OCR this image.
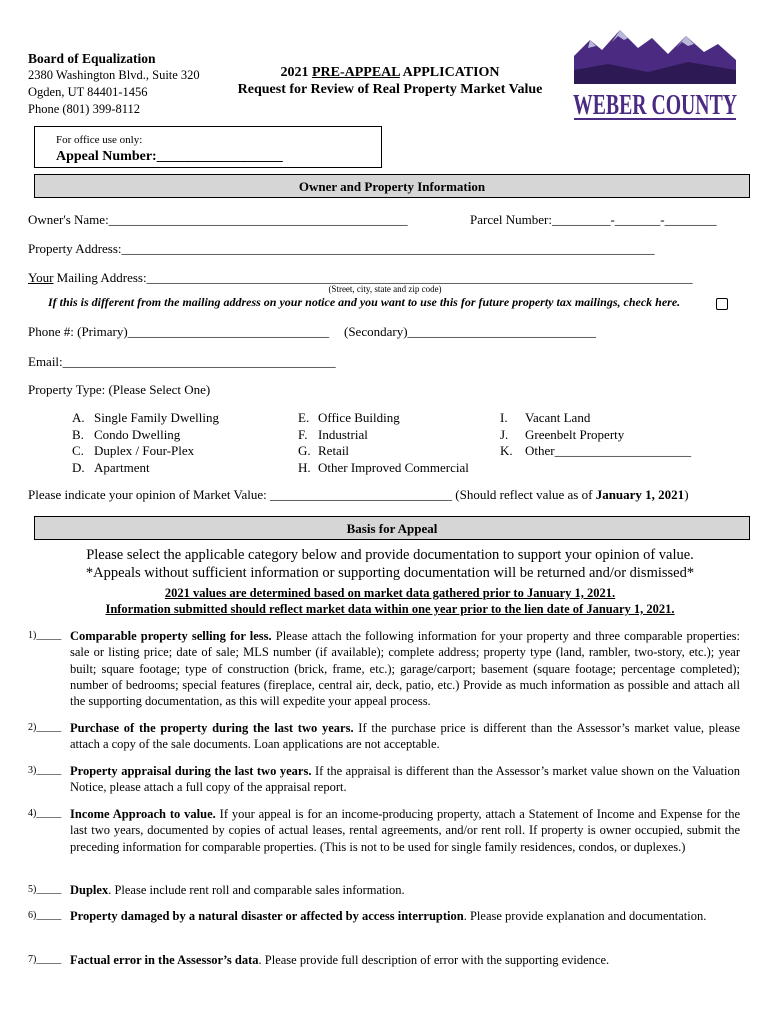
Board of Equalization
2380 Washington Blvd., Suite 320
Ogden, UT 84401-1456
Phone (801) 399-8112
2021 PRE-APPEAL APPLICATION
Request for Review of Real Property Market Value
WEBER COUNTY
For office use only:
Appeal Number:__________________
Owner and Property Information
Owner's Name:______________________________________________	Parcel Number:_________-_______-________
Property Address:__________________________________________________________________________________
Your Mailing Address:____________________________________________________________________________________
(Street, city, state and zip code)
If this is different from the mailing address on your notice and you want to use this for future property tax mailings, check here.
Phone #: (Primary)_______________________________ (Secondary)_____________________________
Email:__________________________________________
Property Type: (Please Select One)
A. Single Family Dwelling
B. Condo Dwelling
C. Duplex / Four-Plex
D. Apartment
E. Office Building
F. Industrial
G. Retail
H. Other Improved Commercial
I. Vacant Land
J. Greenbelt Property
K. Other_____________________
Please indicate your opinion of Market Value: ____________________________ (Should reflect value as of January 1, 2021)
Basis for Appeal
Please select the applicable category below and provide documentation to support your opinion of value.
*Appeals without sufficient information or supporting documentation will be returned and/or dismissed*
2021 values are determined based on market data gathered prior to January 1, 2021.
Information submitted should reflect market data within one year prior to the lien date of January 1, 2021.
1)_____ Comparable property selling for less. Please attach the following information for your property and three comparable properties: sale or listing price; date of sale; MLS number (if available); complete address; property type (land, rambler, two-story, etc.); year built; square footage; type of construction (brick, frame, etc.); garage/carport; basement (square footage; percentage completed); number of bedrooms; special features (fireplace, central air, deck, patio, etc.) Provide as much information as possible and attach all the supporting documentation, as this will expedite your appeal process.
2)_____ Purchase of the property during the last two years. If the purchase price is different than the Assessor’s market value, please attach a copy of the sale documents. Loan applications are not acceptable.
3)_____ Property appraisal during the last two years. If the appraisal is different than the Assessor’s market value shown on the Valuation Notice, please attach a full copy of the appraisal report.
4)_____ Income Approach to value. If your appeal is for an income-producing property, attach a Statement of Income and Expense for the last two years, documented by copies of actual leases, rental agreements, and/or rent roll. If property is owner occupied, submit the preceding information for comparable properties. (This is not to be used for single family residences, condos, or duplexes.)
5)_____ Duplex. Please include rent roll and comparable sales information.
6)_____ Property damaged by a natural disaster or affected by access interruption. Please provide explanation and documentation.
7)_____ Factual error in the Assessor’s data. Please provide full description of error with the supporting evidence.
